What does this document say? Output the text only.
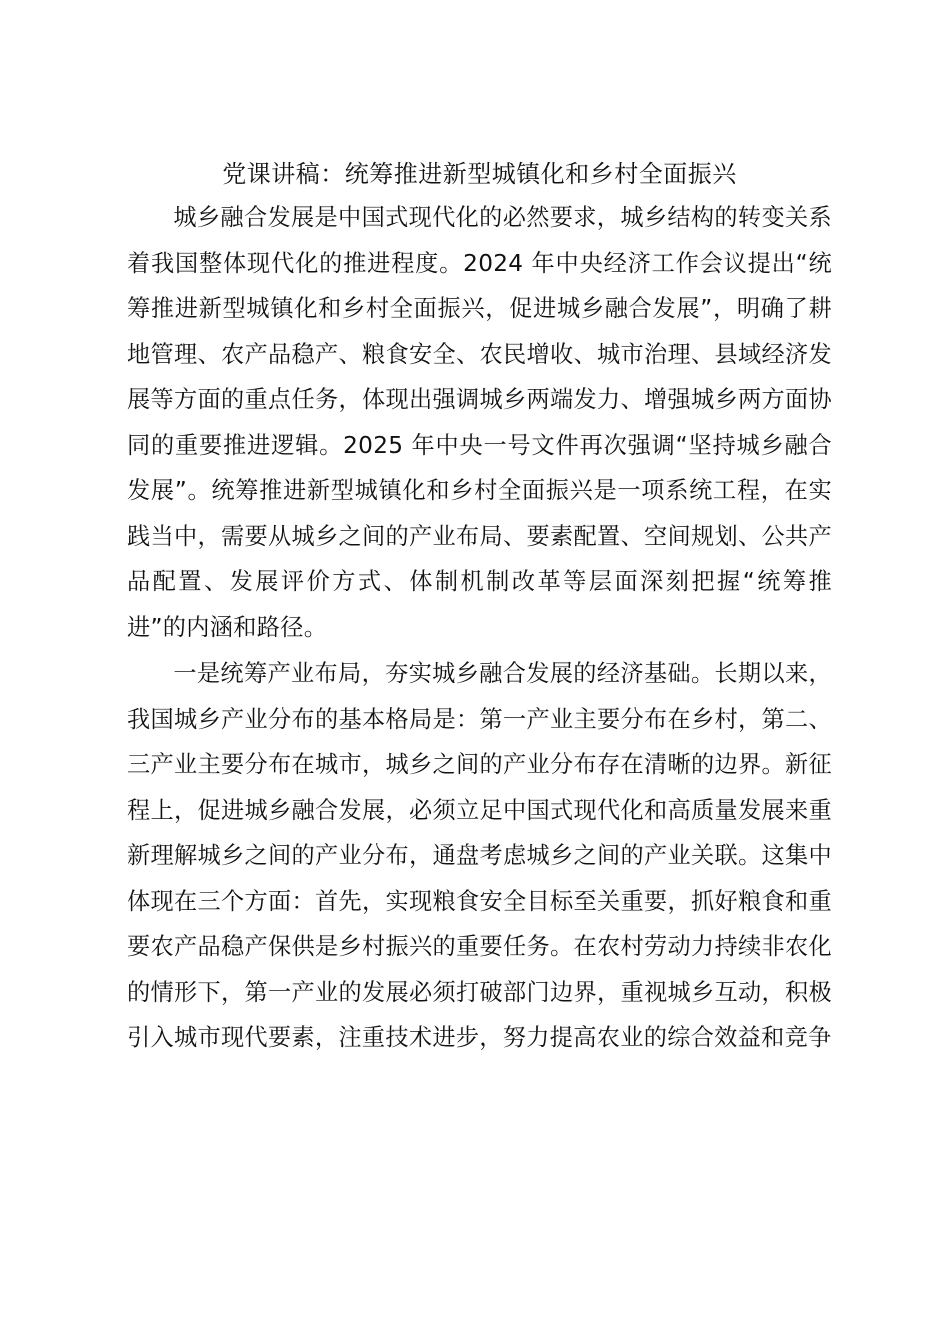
党课讲稿：统筹推进新型城镇化和乡村全面振兴

城乡融合发展是中国式现代化的必然要求，城乡结构的转变关系着我国整体现代化的推进程度。2024 年中央经济工作会议提出“统筹推进新型城镇化和乡村全面振兴，促进城乡融合发展”，明确了耕地管理、农产品稳产、粮食安全、农民增收、城市治理、县域经济发展等方面的重点任务，体现出强调城乡两端发力、增强城乡两方面协同的重要推进逻辑。2025 年中央一号文件再次强调“坚持城乡融合发展”。统筹推进新型城镇化和乡村全面振兴是一项系统工程，在实践当中，需要从城乡之间的产业布局、要素配置、空间规划、公共产品配置、发展评价方式、体制机制改革等层面深刻把握“统筹推进”的内涵和路径。

一是统筹产业布局，夯实城乡融合发展的经济基础。长期以来，我国城乡产业分布的基本格局是：第一产业主要分布在乡村，第二、三产业主要分布在城市，城乡之间的产业分布存在清晰的边界。新征程上，促进城乡融合发展，必须立足中国式现代化和高质量发展来重新理解城乡之间的产业分布，通盘考虑城乡之间的产业关联。这集中体现在三个方面：首先，实现粮食安全目标至关重要，抓好粮食和重要农产品稳产保供是乡村振兴的重要任务。在农村劳动力持续非农化的情形下，第一产业的发展必须打破部门边界，重视城乡互动，积极引入城市现代要素，注重技术进步，努力提高农业的综合效益和竞争
